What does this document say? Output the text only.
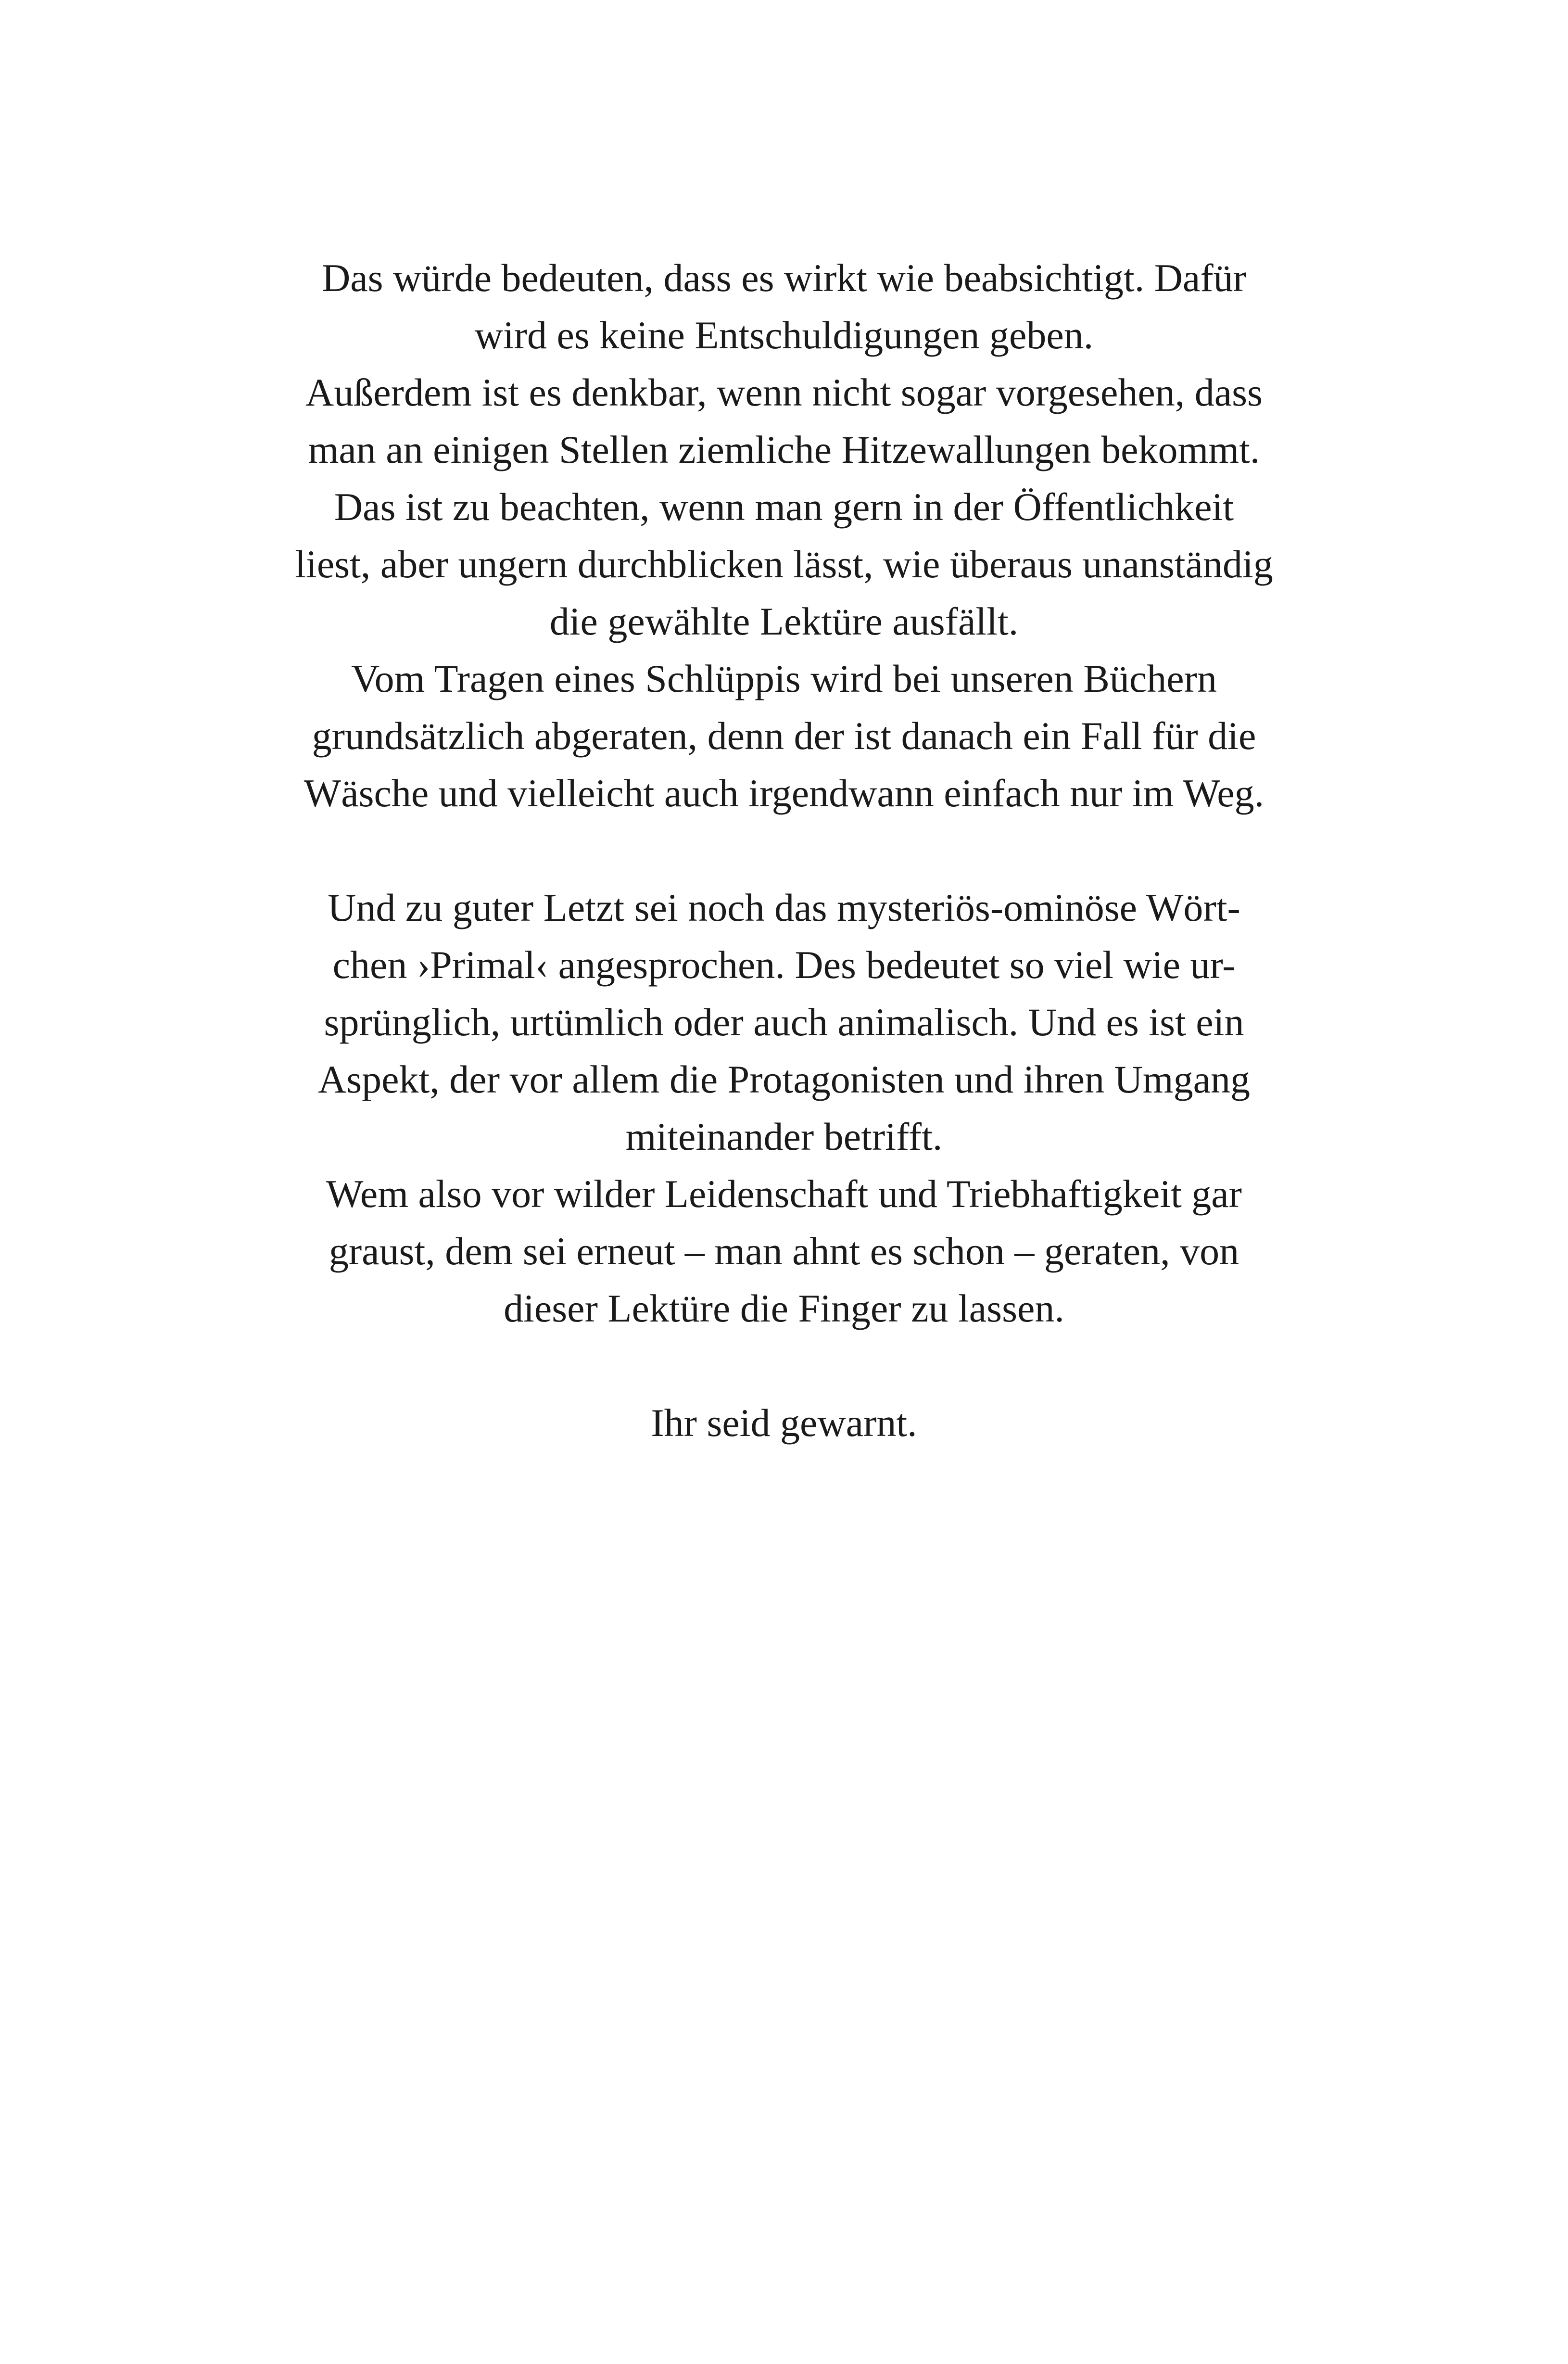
Das würde bedeuten, dass es wirkt wie beabsichtigt. Dafür
wird es keine Entschuldigungen geben.
Außerdem ist es denkbar, wenn nicht sogar vorgesehen, dass
man an einigen Stellen ziemliche Hitzewallungen bekommt.
Das ist zu beachten, wenn man gern in der Öffentlichkeit
liest, aber ungern durchblicken lässt, wie überaus unanständig
die gewählte Lektüre ausfällt.
Vom Tragen eines Schlüppis wird bei unseren Büchern
grundsätzlich abgeraten, denn der ist danach ein Fall für die
Wäsche und vielleicht auch irgendwann einfach nur im Weg.
Und zu guter Letzt sei noch das mysteriös-ominöse Wört-
chen ›Primal‹ angesprochen. Des bedeutet so viel wie ur-
sprünglich, urtümlich oder auch animalisch. Und es ist ein
Aspekt, der vor allem die Protagonisten und ihren Umgang
miteinander betrifft.
Wem also vor wilder Leidenschaft und Triebhaftigkeit gar
graust, dem sei erneut – man ahnt es schon – geraten, von
dieser Lektüre die Finger zu lassen.
Ihr seid gewarnt.
